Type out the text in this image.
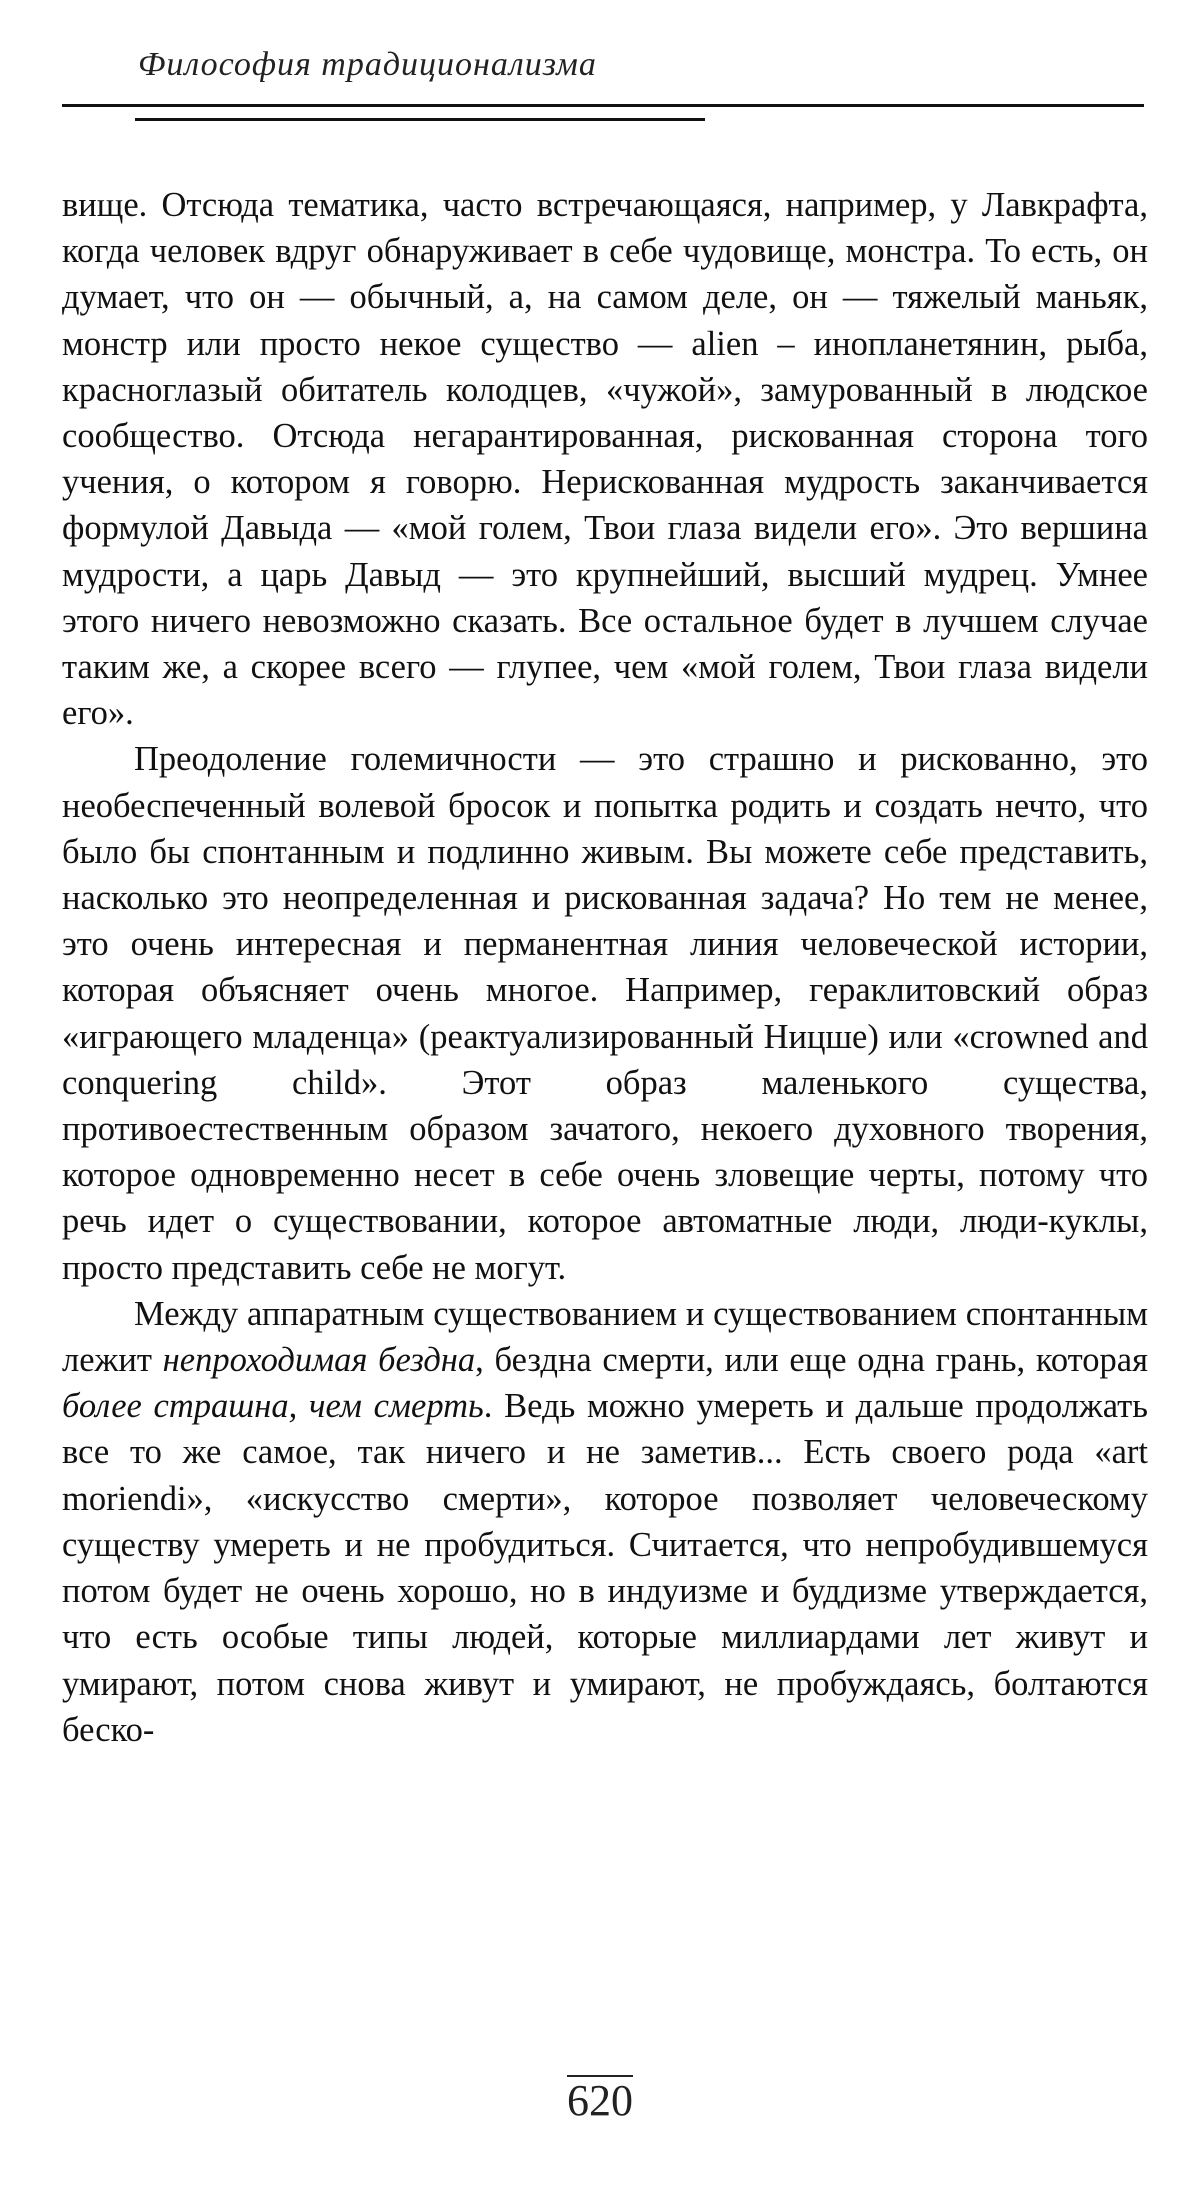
Философия традиционализма

вище. Отсюда тематика, часто встречающаяся, например, у Лавкрафта, когда человек вдруг обнаруживает в себе чудовище, монстра. То есть, он думает, что он — обычный, а, на самом деле, он — тяжелый маньяк, монстр или просто некое существо — alien – инопланетянин, рыба, красноглазый обитатель колодцев, «чужой», замурованный в людское сообщество. Отсюда негарантированная, рискованная сторона того учения, о котором я говорю. Нерискованная мудрость заканчивается формулой Давыда — «мой голем, Твои глаза видели его». Это вершина мудрости, а царь Давыд — это крупнейший, высший мудрец. Умнее этого ничего невозможно сказать. Все остальное будет в лучшем случае таким же, а скорее всего — глупее, чем «мой голем, Твои глаза видели его».

Преодоление големичности — это страшно и рискованно, это необеспеченный волевой бросок и попытка родить и создать нечто, что было бы спонтанным и подлинно живым. Вы можете себе представить, насколько это неопределенная и рискованная задача? Но тем не менее, это очень интересная и перманентная линия человеческой истории, которая объясняет очень многое. Например, гераклитовский образ «играющего младенца» (реактуализированный Ницше) или «crowned and conquering child». Этот образ маленького существа, противоестественным образом зачатого, некоего духовного творения, которое одновременно несет в себе очень зловещие черты, потому что речь идет о существовании, которое автоматные люди, люди-куклы, просто представить себе не могут.

Между аппаратным существованием и существованием спонтанным лежит непроходимая бездна, бездна смерти, или еще одна грань, которая более страшна, чем смерть. Ведь можно умереть и дальше продолжать все то же самое, так ничего и не заметив... Есть своего рода «art moriendi», «искусство смерти», которое позволяет человеческому существу умереть и не пробудиться. Считается, что непробудившемуся потом будет не очень хорошо, но в индуизме и буддизме утверждается, что есть особые типы людей, которые миллиардами лет живут и умирают, потом снова живут и умирают, не пробуждаясь, болтаются беско-

620
